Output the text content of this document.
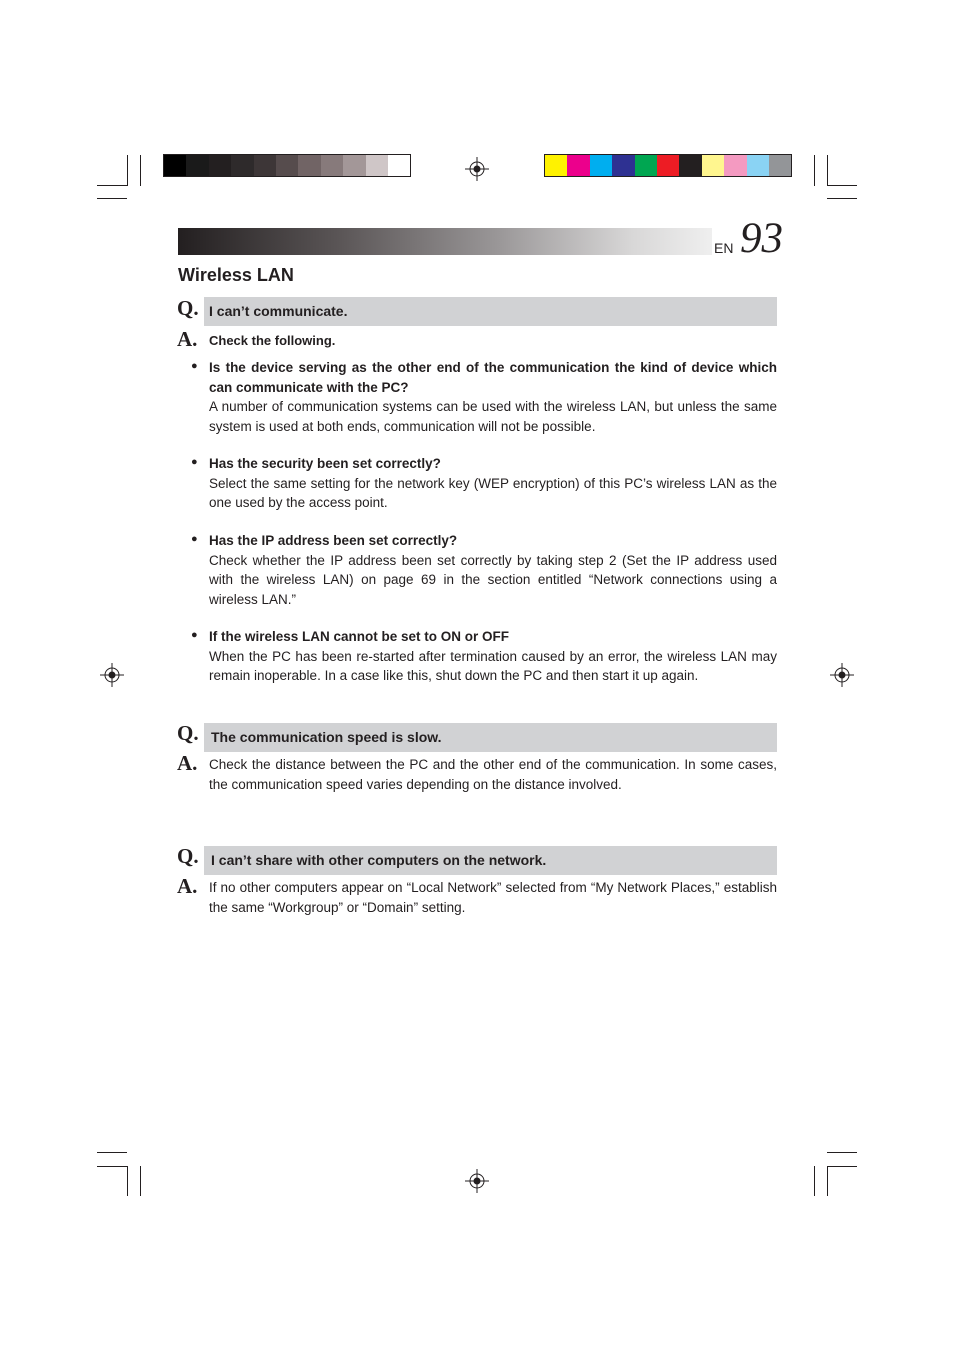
EN 93
Wireless LAN
Q. I can’t communicate.
A. Check the following.
● Is the device serving as the other end of the communication the kind of device which can communicate with the PC?
A number of communication systems can be used with the wireless LAN, but unless the same system is used at both ends, communication will not be possible.
● Has the security been set correctly?
Select the same setting for the network key (WEP encryption) of this PC’s wireless LAN as the one used by the access point.
● Has the IP address been set correctly?
Check whether the IP address been set correctly by taking step 2 (Set the IP address used with the wireless LAN) on page 69 in the section entitled “Network connections using a wireless LAN.”
● If the wireless LAN cannot be set to ON or OFF
When the PC has been re-started after termination caused by an error, the wireless LAN may remain inoperable. In a case like this, shut down the PC and then start it up again.
Q. The communication speed is slow.
A. Check the distance between the PC and the other end of the communication. In some cases, the communication speed varies depending on the distance involved.
Q. I can’t share with other computers on the network.
A. If no other computers appear on “Local Network” selected from “My Network Places,” establish the same “Workgroup” or “Domain” setting.
